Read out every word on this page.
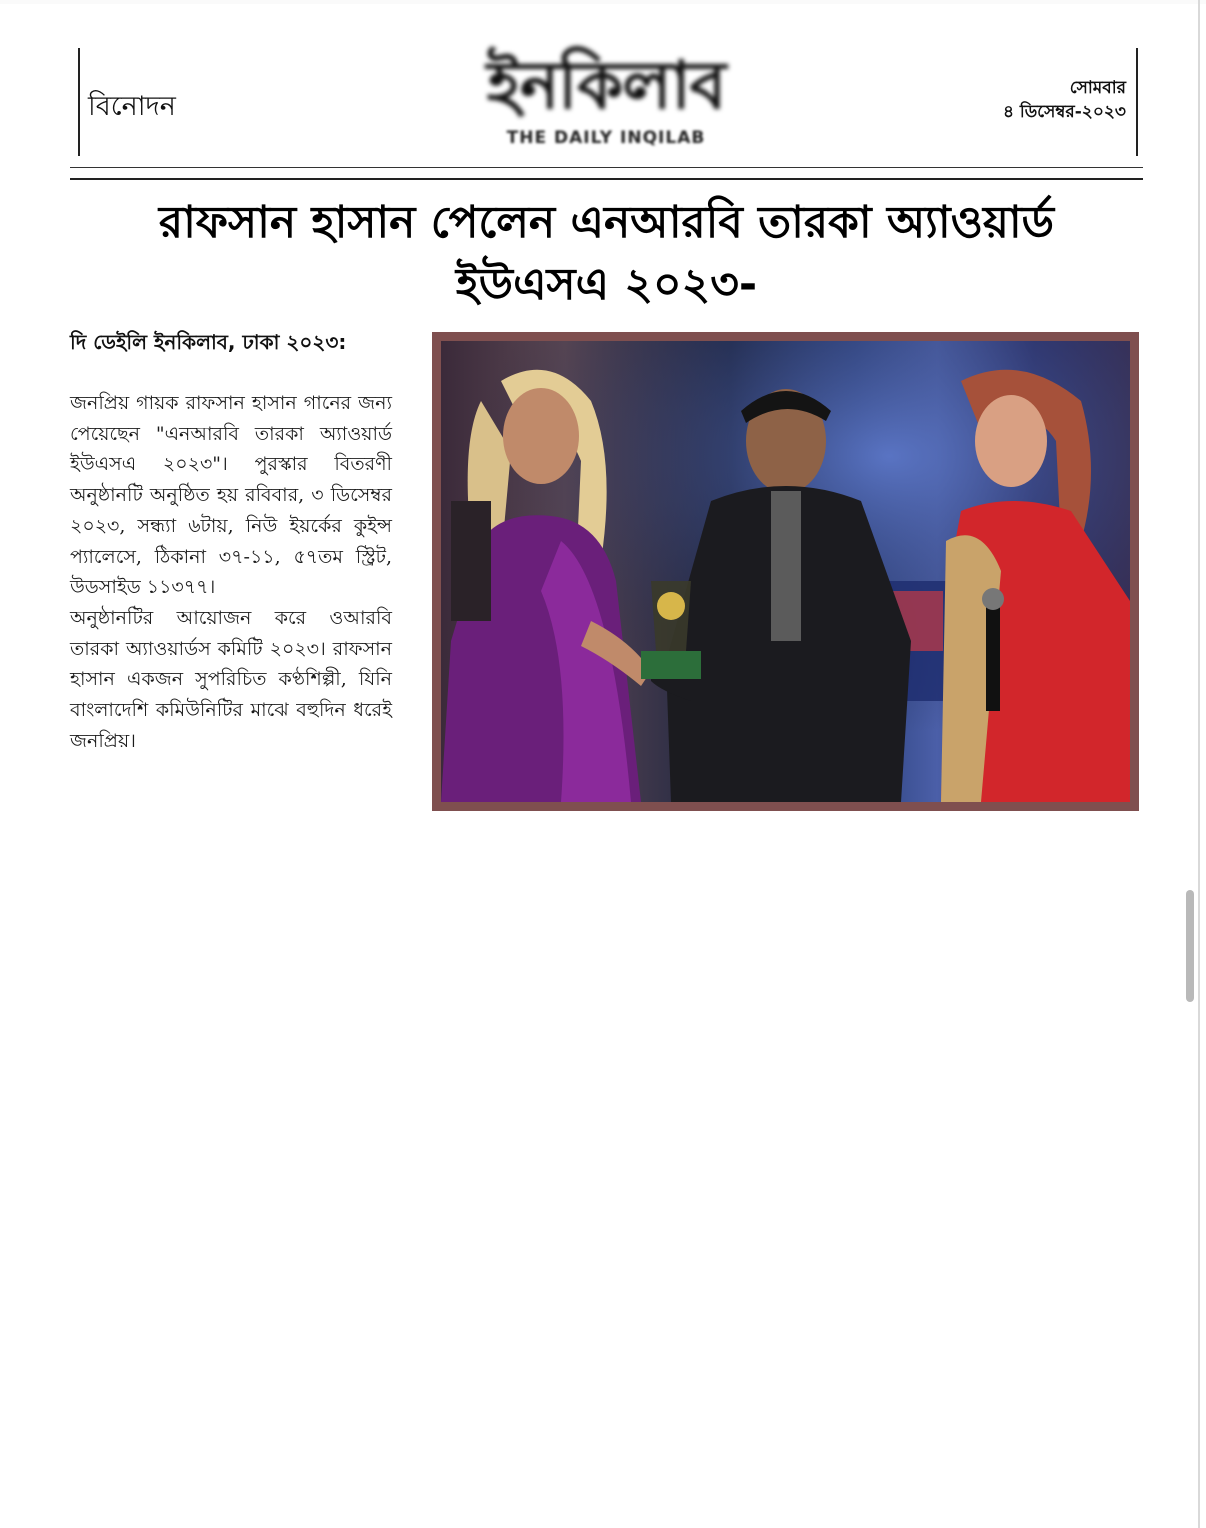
বিনোদন	ইনকিলাব
THE DAILY INQILAB
সোমবার
৪ ডিসেম্বর-২০২৩
রাফসান হাসান পেলেন এনআরবি তারকা অ্যাওয়ার্ড
ইউএসএ ২০২৩-
দি ডেইলি ইনকিলাব, ঢাকা ২০২৩:

জনপ্রিয় গায়ক রাফসান হাসান গানের জন্য পেয়েছেন "এনআরবি তারকা অ্যাওয়ার্ড ইউএসএ ২০২৩"। পুরস্কার বিতরণী অনুষ্ঠানটি অনুষ্ঠিত হয় রবিবার, ৩ ডিসেম্বর ২০২৩, সন্ধ্যা ৬টায়, নিউ ইয়র্কের কুইন্স প্যালেসে, ঠিকানা ৩৭-১১, ৫৭তম স্ট্রিট, উডসাইড ১১৩৭৭।

অনুষ্ঠানটির আয়োজন করে ওআরবি তারকা অ্যাওয়ার্ডস কমিটি ২০২৩। রাফসান হাসান একজন সুপরিচিত কণ্ঠশিল্পী, যিনি বাংলাদেশি কমিউনিটির মাঝে বহুদিন ধরেই জনপ্রিয়।
